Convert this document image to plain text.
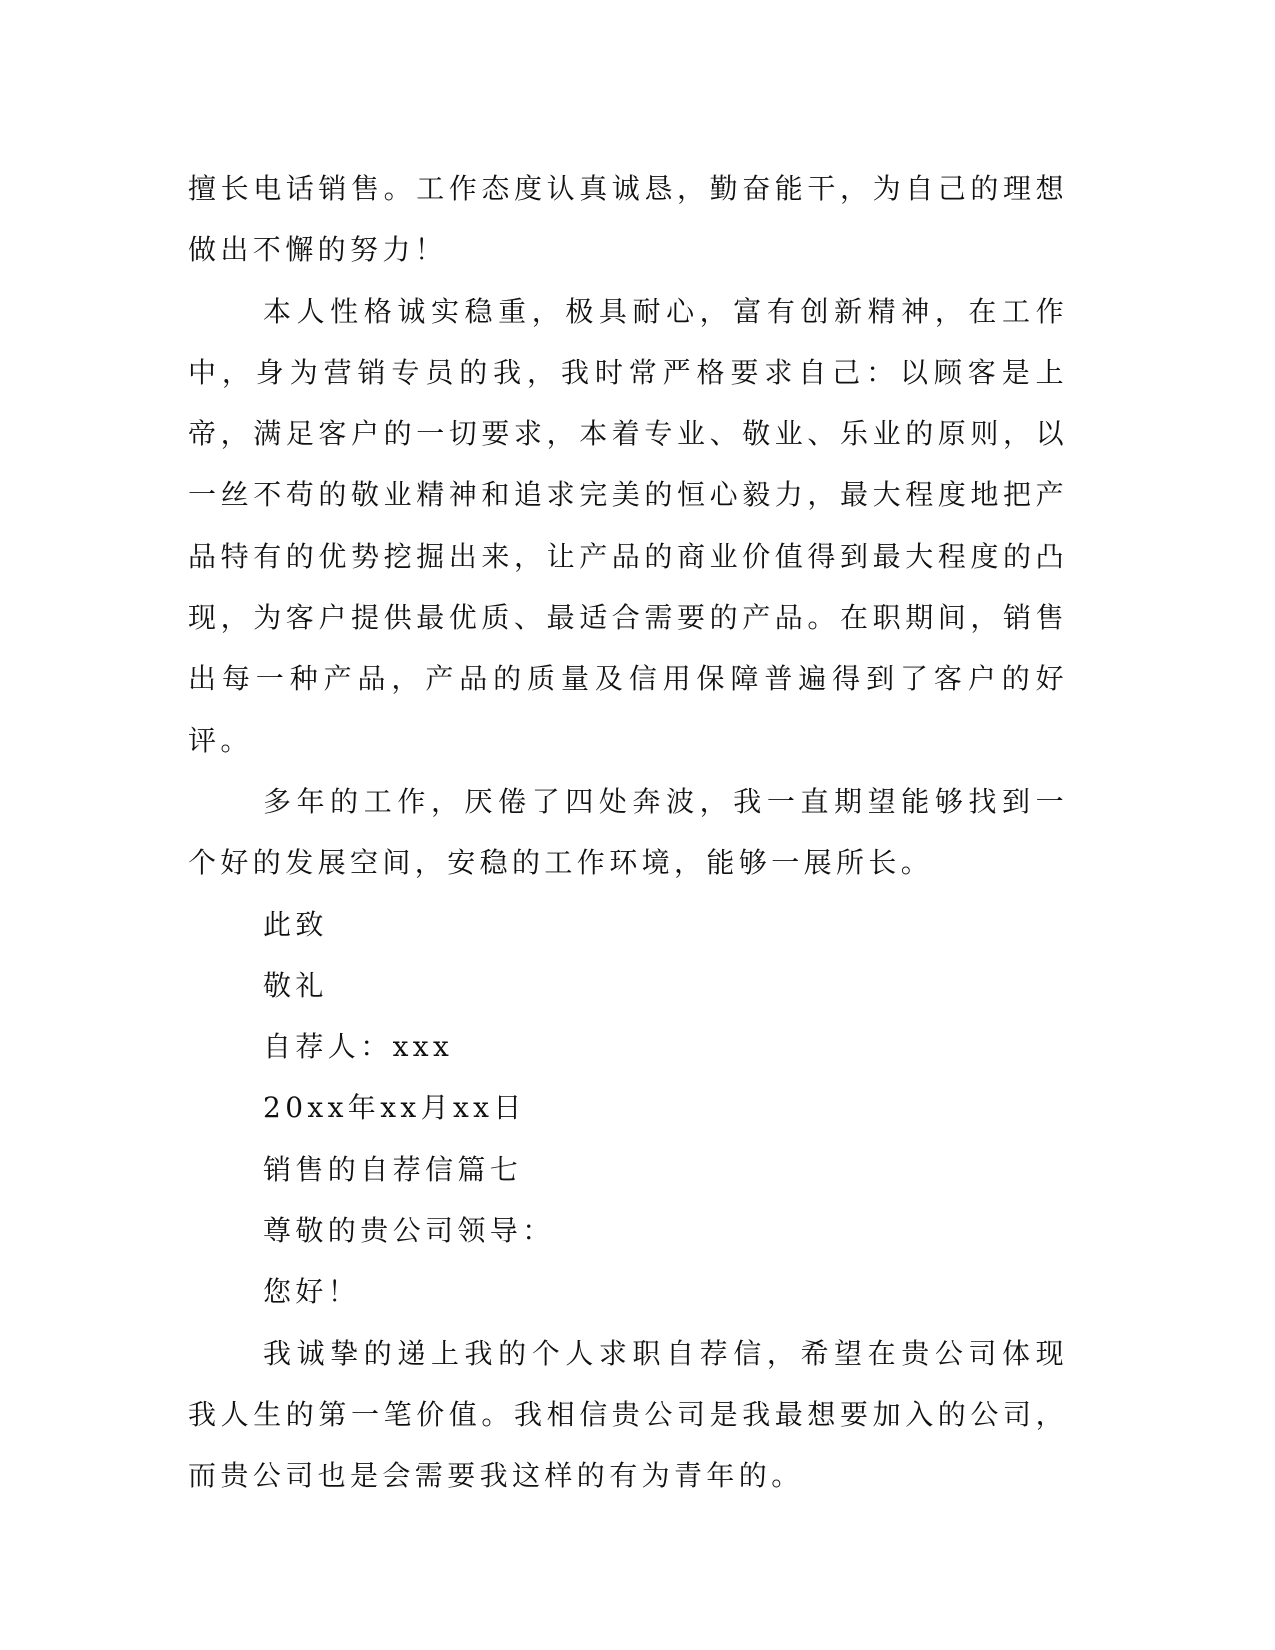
擅长电话销售。工作态度认真诚恳，勤奋能干，为自己的理想做出不懈的努力！

本人性格诚实稳重，极具耐心，富有创新精神，在工作中，身为营销专员的我，我时常严格要求自己：以顾客是上帝，满足客户的一切要求，本着专业、敬业、乐业的原则，以一丝不苟的敬业精神和追求完美的恒心毅力，最大程度地把产品特有的优势挖掘出来，让产品的商业价值得到最大程度的凸现，为客户提供最优质、最适合需要的产品。在职期间，销售出每一种产品，产品的质量及信用保障普遍得到了客户的好评。

多年的工作，厌倦了四处奔波，我一直期望能够找到一个好的发展空间，安稳的工作环境，能够一展所长。

此致

敬礼

自荐人：xxx

20xx年xx月xx日

销售的自荐信篇七

尊敬的贵公司领导：

您好！

我诚挚的递上我的个人求职自荐信，希望在贵公司体现我人生的第一笔价值。我相信贵公司是我最想要加入的公司，而贵公司也是会需要我这样的有为青年的。
